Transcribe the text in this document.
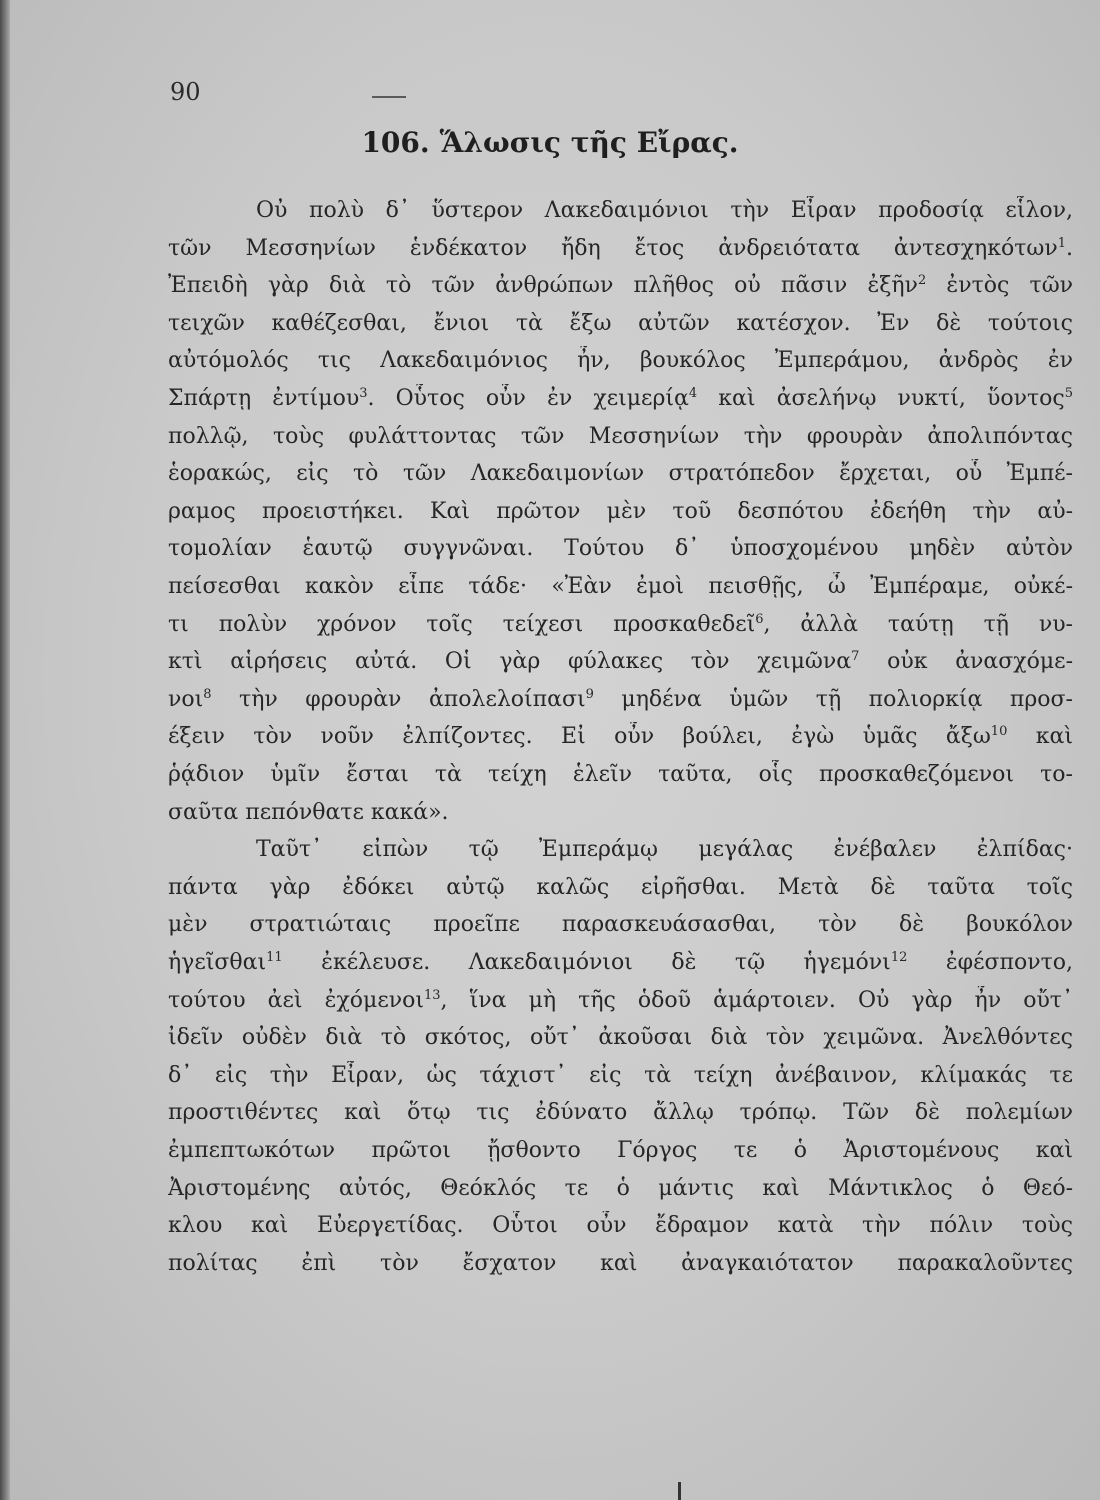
90
106. Ἅλωσις τῆς Εἴρας.
Οὐ πολὺ δ᾿ ὕστερον Λακεδαιμόνιοι τὴν Εἶραν προδοσίᾳ εἷλον,
τῶν Μεσσηνίων ἑνδέκατον ἤδη ἔτος ἀνδρειότατα ἀντεσχηκότων$^1$.
Ἐπειδὴ γὰρ διὰ τὸ τῶν ἀνθρώπων πλῆθος οὐ πᾶσιν ἐξῆν$^2$ ἐντὸς τῶν
τειχῶν καθέζεσθαι, ἔνιοι τὰ ἔξω αὐτῶν κατέσχον. Ἐν δὲ τούτοις
αὐτόμολός τις Λακεδαιμόνιος ἦν, βουκόλος Ἐμπεράμου, ἀνδρὸς ἐν
Σπάρτῃ ἐντίμου$^3$. Οὗτος οὖν ἐν χειμερίᾳ$^4$ καὶ ἀσελήνῳ νυκτί, ὕοντος$^5$
πολλῷ, τοὺς φυλάττοντας τῶν Μεσσηνίων τὴν φρουρὰν ἀπολιπόντας
ἑορακώς, εἰς τὸ τῶν Λακεδαιμονίων στρατόπεδον ἔρχεται, οὗ Ἐμπέ-
ραμος προειστήκει. Καὶ πρῶτον μὲν τοῦ δεσπότου ἐδεήθη τὴν αὐ-
τομολίαν ἑαυτῷ συγγνῶναι. Τούτου δ᾿ ὑποσχομένου μηδὲν αὐτὸν
πείσεσθαι κακὸν εἶπε τάδε· «Ἐὰν ἐμοὶ πεισθῇς, ὦ Ἐμπέραμε, οὐκέ-
τι πολὺν χρόνον τοῖς τείχεσι προσκαθεδεῖ$^6$, ἀλλὰ ταύτῃ τῇ νυ-
κτὶ αἱρήσεις αὐτά. Οἱ γὰρ φύλακες τὸν χειμῶνα$^7$ οὐκ ἀνασχόμε-
νοι$^8$ τὴν φρουρὰν ἀπολελοίπασι$^9$ μηδένα ὑμῶν τῇ πολιορκίᾳ προσ-
έξειν τὸν νοῦν ἐλπίζοντες. Εἰ οὖν βούλει, ἐγὼ ὑμᾶς ἄξω$^{10}$ καὶ
ῥᾴδιον ὑμῖν ἔσται τὰ τείχη ἑλεῖν ταῦτα, οἷς προσκαθεζόμενοι το-
σαῦτα πεπόνθατε κακά».
Ταῦτ᾿ εἰπὼν τῷ Ἐμπεράμῳ μεγάλας ἐνέβαλεν ἐλπίδας·
πάντα γὰρ ἐδόκει αὐτῷ καλῶς εἰρῆσθαι. Μετὰ δὲ ταῦτα τοῖς
μὲν στρατιώταις προεῖπε παρασκευάσασθαι, τὸν δὲ βουκόλον
ἡγεῖσθαι$^{11}$ ἐκέλευσε. Λακεδαιμόνιοι δὲ τῷ ἡγεμόνι$^{12}$ ἐφέσποντο,
τούτου ἀεὶ ἐχόμενοι$^{13}$, ἵνα μὴ τῆς ὁδοῦ ἁμάρτοιεν. Οὐ γὰρ ἦν οὔτ᾿
ἰδεῖν οὐδὲν διὰ τὸ σκότος, οὔτ᾿ ἀκοῦσαι διὰ τὸν χειμῶνα. Ἀνελθόντες
δ᾿ εἰς τὴν Εἶραν, ὡς τάχιστ᾿ εἰς τὰ τείχη ἀνέβαινον, κλίμακάς τε
προστιθέντες καὶ ὅτῳ τις ἐδύνατο ἄλλῳ τρόπῳ. Τῶν δὲ πολεμίων
ἐμπεπτωκότων πρῶτοι ᾔσθοντο Γόργος τε ὁ Ἀριστομένους καὶ
Ἀριστομένης αὐτός, Θεόκλός τε ὁ μάντις καὶ Μάντικλος ὁ Θεό-
κλου καὶ Εὐεργετίδας. Οὗτοι οὖν ἔδραμον κατὰ τὴν πόλιν τοὺς
πολίτας ἐπὶ τὸν ἔσχατον καὶ ἀναγκαιότατον παρακαλοῦντες
